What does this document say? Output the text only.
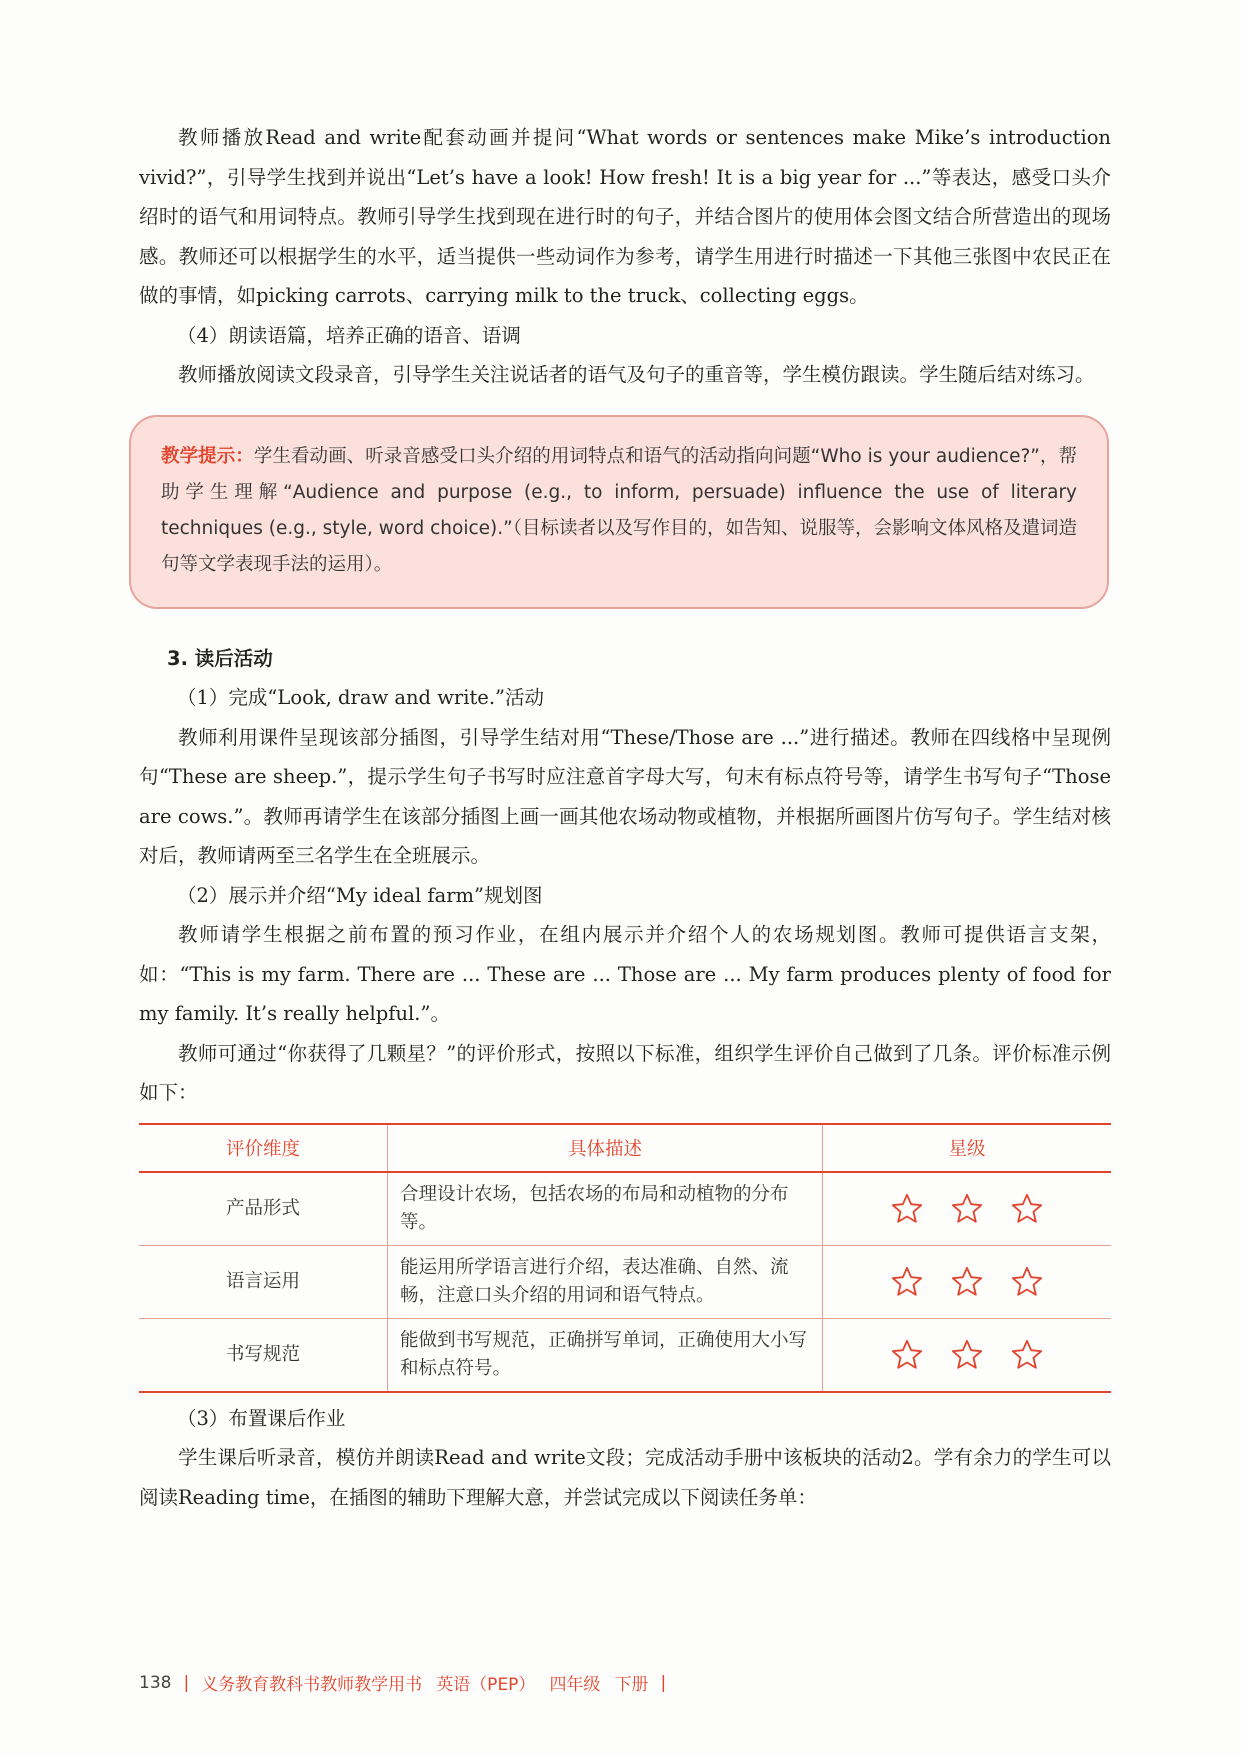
教师播放Read and write配套动画并提问“What words or sentences make Mike’s introduction vivid?”，引导学生找到并说出“Let’s have a look! How fresh! It is a big year for ...”等表达，感受口头介绍时的语气和用词特点。教师引导学生找到现在进行时的句子，并结合图片的使用体会图文结合所营造出的现场感。教师还可以根据学生的水平，适当提供一些动词作为参考，请学生用进行时描述一下其他三张图中农民正在做的事情，如picking carrots、carrying milk to the truck、collecting eggs。

（4）朗读语篇，培养正确的语音、语调

教师播放阅读文段录音，引导学生关注说话者的语气及句子的重音等，学生模仿跟读。学生随后结对练习。

教学提示：学生看动画、听录音感受口头介绍的用词特点和语气的活动指向问题“Who is your audience?”，帮助学生理解“Audience and purpose (e.g., to inform, persuade) influence the use of literary techniques (e.g., style, word choice).”（目标读者以及写作目的，如告知、说服等，会影响文体风格及遣词造句等文学表现手法的运用）。
3. 读后活动

（1）完成“Look, draw and write.”活动

教师利用课件呈现该部分插图，引导学生结对用“These/Those are ...”进行描述。教师在四线格中呈现例句“These are sheep.”，提示学生句子书写时应注意首字母大写，句末有标点符号等，请学生书写句子“Those are cows.”。教师再请学生在该部分插图上画一画其他农场动物或植物，并根据所画图片仿写句子。学生结对核对后，教师请两至三名学生在全班展示。

（2）展示并介绍“My ideal farm”规划图

教师请学生根据之前布置的预习作业，在组内展示并介绍个人的农场规划图。教师可提供语言支架，如：“This is my farm. There are ... These are ... Those are ... My farm produces plenty of food for my family. It’s really helpful.”。

教师可通过“你获得了几颗星？”的评价形式，按照以下标准，组织学生评价自己做到了几条。评价标准示例如下：

评价维度	具体描述	星级
产品形式	合理设计农场，包括农场的布局和动植物的分布等。	
语言运用	能运用所学语言进行介绍，表达准确、自然、流畅，注意口头介绍的用词和语气特点。	
书写规范	能做到书写规范，正确拼写单词，正确使用大小写和标点符号。	

（3）布置课后作业

学生课后听录音，模仿并朗读Read and write文段；完成活动手册中该板块的活动2。学有余力的学生可以阅读Reading time，在插图的辅助下理解大意，并尝试完成以下阅读任务单：

138 | 义务教育教科书教师教学用书 英语（PEP） 四年级 下册 |
